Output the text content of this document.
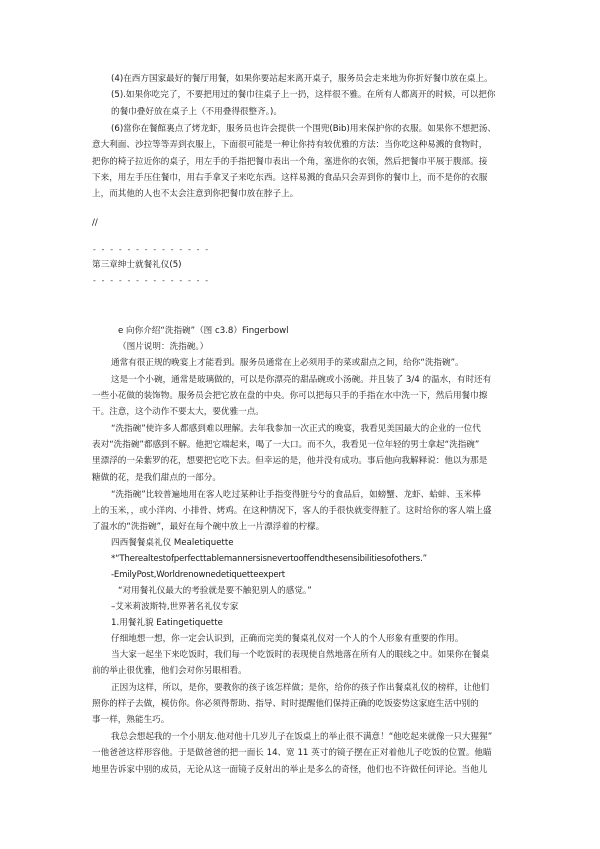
(4)在西方国家最好的餐厅用餐，如果你要站起来离开桌子，服务员会走来地为你折好餐巾放在桌上。
(5).如果你吃完了，不要把用过的餐巾往桌子上一扔，这样很不雅。在所有人都离开的时候，可以把你
的餐巾叠好放在桌子上（不用叠得很整齐。)。
(6)當你在餐館裏点了烤龙虾，服务员也许会提供一个围兜(Bib)用来保护你的衣服。如果你不想把汤、
意大利面、沙拉等等弄到衣服上，下面很可能是一种让你持有较优雅的方法：当你吃这种易溅的食物时，
把你的椅子拉近你的桌子，用左手的手指把餐巾表出一个角，塞进你的衣领，然后把餐巾平展于腹部。接
下来，用左手压住餐巾，用右手拿叉子来吃东西。这样易溅的食品只会弄到你的餐巾上，而不是你的衣服
上，而其他的人也不太会注意到你把餐巾放在脖子上。
//
第三章绅士就餐礼仪(5)
e 向你介绍“洗指碗”（图 c3.8）Fingerbowl
（图片说明：洗指碗。）
通常有很正规的晚宴上才能看到。服务员通常在上必须用手的菜或甜点之间，给你“洗指碗”。
这是一个小碗，通常是玻璃做的，可以是你漂亮的甜品碗或小汤碗。并且装了 3/4 的温水，有时还有
一些小花做的装饰物。服务员会把它放在盘的中央。你可以把每只手的手指在水中洗一下，然后用餐巾擦
干。注意，这个动作不要太大，要优雅一点。
“洗指碗”使许多人都感到难以理解。去年我参加一次正式的晚宴，我看见美国最大的企业的一位代
表对“洗指碗”都感到不解。他把它端起来，喝了一大口。而不久，我看见一位年轻的男士拿起“洗指碗”
里漂浮的一朵紫罗的花，想要把它吃下去。但幸运的是，他并没有成功。事后他向我解释说：他以为那是
糖做的花，是我们甜点的一部分。
“洗指碗”比较普遍地用在客人吃过某种让手指变得脏兮兮的食品后，如螃蟹、龙虾、蛤蚌、玉米棒
上的玉米，，或小洋肉、小排骨、烤鸡。在这种情况下，客人的手很快就变得脏了。这时给你的客人端上盛
了温水的“洗指碗”，最好在每个碗中放上一片漂浮着的柠檬。
四西餐餐桌礼仪 Mealetiquette
*“Therealtestofperfecttablemannersisnevertooffendthesensibilitiesofothers.”
-EmilyPost,Worldrenownedetiquetteexpert
“对用餐礼仪最大的考验就是要不触犯别人的感觉。”
–艾米莉波斯特,世界著名礼仪专家
1.用餐礼貌 Eatingetiquette
仔细地想一想，你一定会认识到，正确而完美的餐桌礼仪对一个人的个人形象有重要的作用。
当大家一起坐下来吃饭时，我们每一个吃饭时的表现使自然地落在所有人的眼线之中。如果你在餐桌
前的举止很优雅，他们会对你另眼相看。
正因为这样，所以，是你，要教你的孩子该怎样做；是你，给你的孩子作出餐桌礼仪的榜样，让他们
照你的样子去做，模仿你。你必须得帮助、指导、时时提醒他们保持正确的吃饭姿势这家庭生活中别的
事一样，熟能生巧。
我总会想起我的一个小朋友.他对他十几岁儿子在饭桌上的举止很不满意！“他吃起来就像一只大猩猩”
一他爸爸这样形容他。于是做爸爸的把一面长 14、宽 11 英寸的镜子摆在正对着他儿子吃饭的位置。他瞄
地里告诉家中别的成员，无论从这一面镜子反射出的举止是多么的奇怪，他们也不许做任何评论。当他儿
- - - - - - - - - - - - - -
- - - - - - - - - - - - - -
